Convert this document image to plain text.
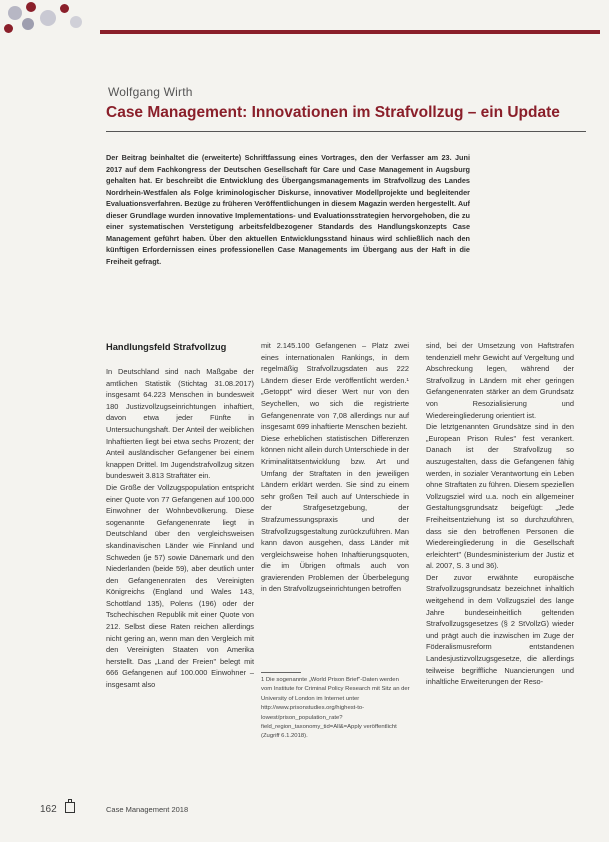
Wolfgang Wirth
Case Management: Innovationen im Strafvollzug – ein Update
Der Beitrag beinhaltet die (erweiterte) Schriftfassung eines Vortrages, den der Verfasser am 23. Juni 2017 auf dem Fachkongress der Deutschen Gesellschaft für Care und Case Management in Augsburg gehalten hat. Er beschreibt die Entwicklung des Übergangsmanagements im Strafvollzug des Landes Nordrhein-Westfalen als Folge kriminologischer Diskurse, innovativer Modellprojekte und begleitender Evaluationsverfahren. Bezüge zu früheren Veröffentlichungen in diesem Magazin werden hergestellt. Auf dieser Grundlage wurden innovative Implementations- und Evaluationsstrategien hervorgehoben, die zu einer systematischen Verstetigung arbeitsfeldbezogener Standards des Handlungskonzepts Case Management geführt haben. Über den aktuellen Entwicklungsstand hinaus wird schließlich nach den künftigen Erfordernissen eines professionellen Case Managements im Übergang aus der Haft in die Freiheit gefragt.
Handlungsfeld Strafvollzug

In Deutschland sind nach Maßgabe der amtlichen Statistik (Stichtag 31.08.2017) insgesamt 64.223 Menschen in bundesweit 180 Justizvollzugseinrichtungen inhaftiert, davon etwa jeder Fünfte in Untersuchungshaft. Der Anteil der weiblichen Inhaftierten liegt bei etwa sechs Prozent; der Anteil ausländischer Gefangener bei einem knappen Drittel. Im Jugendstrafvollzug sitzen bundesweit 3.813 Straftäter ein.

Die Größe der Vollzugspopulation entspricht einer Quote von 77 Gefangenen auf 100.000 Einwohner der Wohnbevölkerung. Diese sogenannte Gefangenenrate liegt in Deutschland über den vergleichsweisen skandinavischen Länder wie Finnland und Schweden (je 57) sowie Dänemark und den Niederlanden (beide 59), aber deutlich unter den Gefangenenraten des Vereinigten Königreichs (England und Wales 143, Schottland 135), Polens (196) oder der Tschechischen Republik mit einer Quote von 212. Selbst diese Raten reichen allerdings nicht gering an, wenn man den Vergleich mit den Vereinigten Staaten von Amerika herstellt. Das „Land der Freien" belegt mit 666 Gefangenen auf 100.000 Einwohner – insgesamt also

mit 2.145.100 Gefangenen – Platz zwei eines internationalen Rankings, in dem regelmäßig Strafvollzugsdaten aus 222 Ländern dieser Erde veröffentlicht werden.¹ „Getoppt" wird dieser Wert nur von den Seychellen, wo sich die registrierte Gefangenenrate von 7,08 allerdings nur auf insgesamt 699 inhaftierte Menschen bezieht.

Diese erheblichen statistischen Differenzen können nicht allein durch Unterschiede in der Kriminalitätsentwicklung bzw. Art und Umfang der Straftaten in den jeweiligen Ländern erklärt werden. Sie sind zu einem sehr großen Teil auch auf Unterschiede in der Strafgesetzgebung, der Strafzumessungspraxis und der Strafvollzugsgestaltung zurückzuführen. Man kann davon ausgehen, dass Länder mit vergleichsweise hohen Inhaftierungsquoten, die im Übrigen oftmals auch von gravierenden Problemen der Überbelegung in den Strafvollzugseinrichtungen betroffen

1 Die sogenannte „World Prison Brief"-Daten werden vom Institute for Criminal Policy Research mit Sitz an der University of London im Internet unter http://www.prisonstudies.org/highest-to-lowest/prison_population_rate?field_region_taxonomy_tid=All&=Apply veröffentlicht (Zugriff 6.1.2018).

sind, bei der Umsetzung von Haftstrafen tendenziell mehr Gewicht auf Vergeltung und Abschreckung legen, während der Strafvollzug in Ländern mit eher geringen Gefangenenraten stärker an dem Grundsatz von Resozialisierung und Wiedereingliederung orientiert ist.

Die letztgenannten Grundsätze sind in den „European Prison Rules" fest verankert. Danach ist der Strafvollzug so auszugestalten, dass die Gefangenen fähig werden, in sozialer Verantwortung ein Leben ohne Straftaten zu führen. Diesem speziellen Vollzugsziel wird u.a. noch ein allgemeiner Gestaltungsgrundsatz beigefügt: „Jede Freiheitsentziehung ist so durchzuführen, dass sie den betroffenen Personen die Wiedereingliederung in die Gesellschaft erleichtert" (Bundesministerium der Justiz et al. 2007, S. 3 und 36).

Der zuvor erwähnte europäische Strafvollzugsgrundsatz bezeichnet inhaltlich weitgehend in dem Vollzugsziel des lange Jahre bundeseinheitlich geltenden Strafvollzugsgesetzes (§ 2 StVollzG) wieder und prägt auch die inzwischen im Zuge der Föderalismusreform entstandenen Landesjustizvollzugsgesetze, die allerdings teilweise begriffliche Nuancierungen und inhaltliche Erweiterungen der Reso-

162	Case Management 2018
